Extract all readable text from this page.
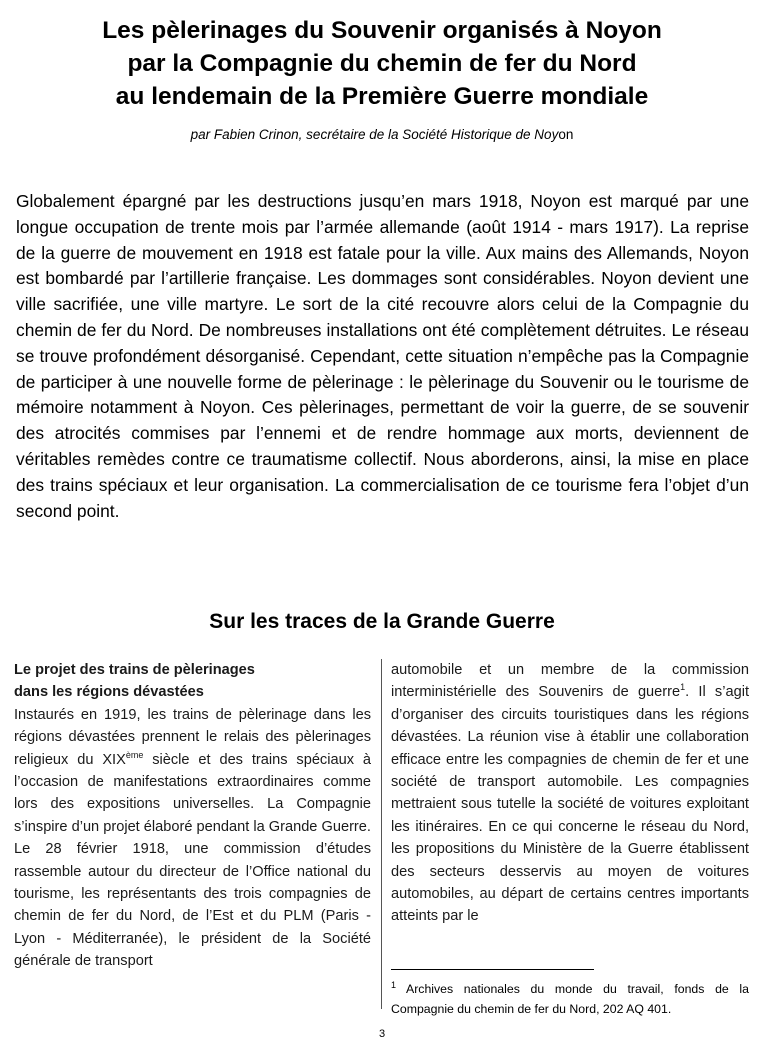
Les pèlerinages du Souvenir organisés à Noyon
par la Compagnie du chemin de fer du Nord
au lendemain de la Première Guerre mondiale
par Fabien Crinon, secrétaire de la Société Historique de Noyon

Globalement épargné par les destructions jusqu’en mars 1918, Noyon est marqué par une longue occupation de trente mois par l’armée allemande (août 1914 - mars 1917). La reprise de la guerre de mouvement en 1918 est fatale pour la ville. Aux mains des Allemands, Noyon est bombardé par l’artillerie française. Les dommages sont considérables. Noyon devient une ville sacrifiée, une ville martyre. Le sort de la cité recouvre alors celui de la Compagnie du chemin de fer du Nord. De nombreuses installations ont été complètement détruites. Le réseau se trouve profondément désorganisé. Cependant, cette situation n’empêche pas la Compagnie de participer à une nouvelle forme de pèlerinage : le pèlerinage du Souvenir ou le tourisme de mémoire notamment à Noyon. Ces pèlerinages, permettant de voir la guerre, de se souvenir des atrocités commises par l’ennemi et de rendre hommage aux morts, deviennent de véritables remèdes contre ce traumatisme collectif. Nous aborderons, ainsi, la mise en place des trains spéciaux et leur organisation. La commercialisation de ce tourisme fera l’objet d’un second point.

Sur les traces de la Grande Guerre
Le projet des trains de pèlerinages
dans les régions dévastées

Instaurés en 1919, les trains de pèlerinage dans les régions dévastées prennent le relais des pèlerinages religieux du XIXème siècle et des trains spéciaux à l’occasion de manifestations extraordinaires comme lors des expositions universelles. La Compagnie s’inspire d’un projet élaboré pendant la Grande Guerre.

Le 28 février 1918, une commission d’études rassemble autour du directeur de l’Office national du tourisme, les représentants des trois compagnies de chemin de fer du Nord, de l’Est et du PLM (Paris - Lyon - Méditerranée), le président de la Société générale de transport

automobile et un membre de la commission interministérielle des Souvenirs de guerre$^1$. Il s’agit d’organiser des circuits touristiques dans les régions dévastées. La réunion vise à établir une collaboration efficace entre les compagnies de chemin de fer et une société de transport automobile. Les compagnies mettraient sous tutelle la société de voitures exploitant les itinéraires. En ce qui concerne le réseau du Nord, les propositions du Ministère de la Guerre établissent des secteurs desservis au moyen de voitures automobiles, au départ de certains centres importants atteints par le

$^1$ Archives nationales du monde du travail, fonds de la Compagnie du chemin de fer du Nord, 202 AQ 401.

3
